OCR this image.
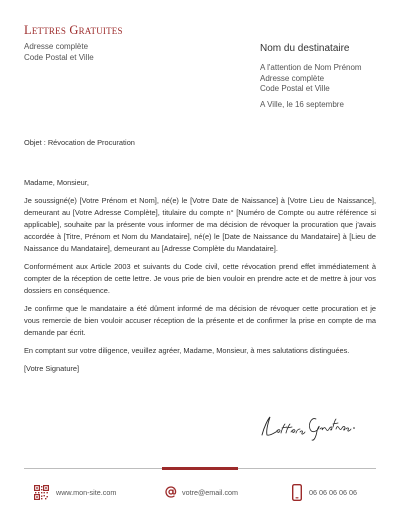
Lettres Gratuites
Adresse complète
Code Postal et Ville
Nom du destinataire
A l'attention de Nom Prénom
Adresse complète
Code Postal et Ville
A Ville, le 16 septembre
Objet : Révocation de Procuration

Madame, Monsieur,

Je soussigné(e) [Votre Prénom et Nom], né(e) le [Votre Date de Naissance] à [Votre Lieu de Naissance], demeurant au [Votre Adresse Complète], titulaire du compte n° [Numéro de Compte ou autre référence si applicable], souhaite par la présente vous informer de ma décision de révoquer la procuration que j'avais accordée à [Titre, Prénom et Nom du Mandataire], né(e) le [Date de Naissance du Mandataire] à [Lieu de Naissance du Mandataire], demeurant au [Adresse Complète du Mandataire].

Conformément aux Article 2003 et suivants du Code civil, cette révocation prend effet immédiatement à compter de la réception de cette lettre. Je vous prie de bien vouloir en prendre acte et de mettre à jour vos dossiers en conséquence.

Je confirme que le mandataire a été dûment informé de ma décision de révoquer cette procuration et je vous remercie de bien vouloir accuser réception de la présente et de confirmer la prise en compte de ma demande par écrit.

En comptant sur votre diligence, veuillez agréer, Madame, Monsieur, à mes salutations distinguées.

[Votre Signature]

www.mon-site.com	votre@email.com	06 06 06 06 06
